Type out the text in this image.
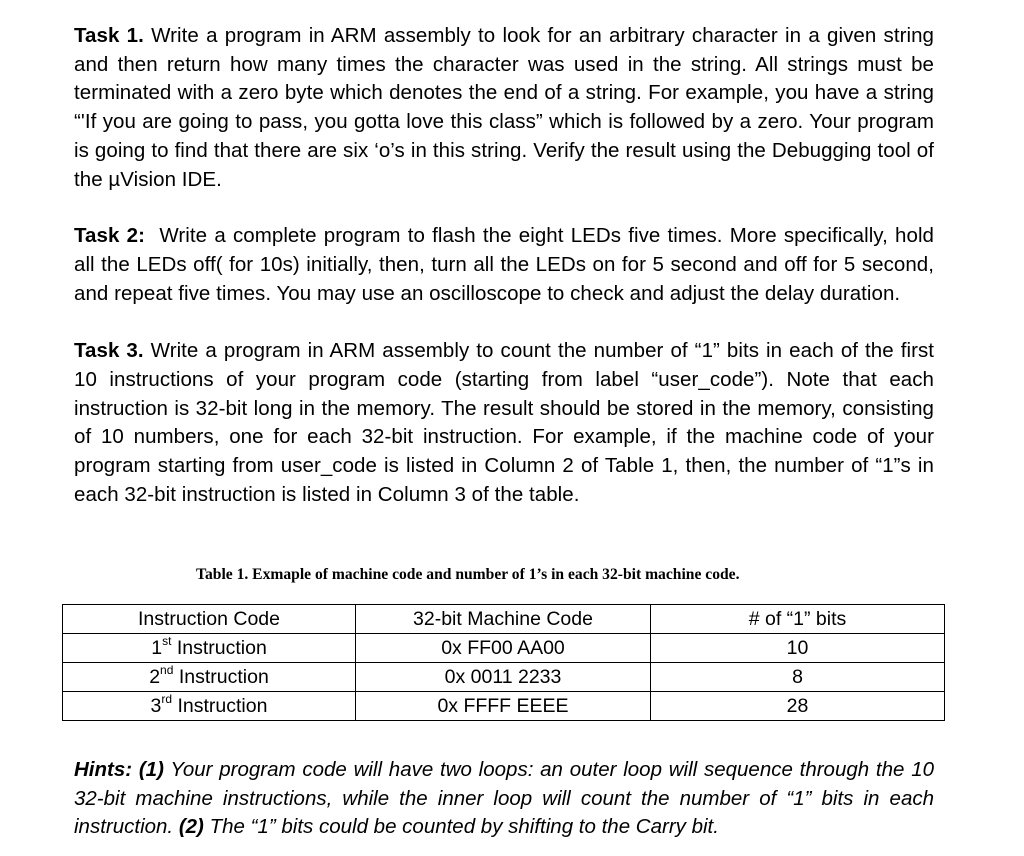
Task 1. Write a program in ARM assembly to look for an arbitrary character in a given string and then return how many times the character was used in the string. All strings must be terminated with a zero byte which denotes the end of a string. For example, you have a string “'If you are going to pass, you gotta love this class” which is followed by a zero. Your program is going to find that there are six ‘o’s in this string. Verify the result using the Debugging tool of the µVision IDE.

Task 2: Write a complete program to flash the eight LEDs five times. More specifically, hold all the LEDs off( for 10s) initially, then, turn all the LEDs on for 5 second and off for 5 second, and repeat five times. You may use an oscilloscope to check and adjust the delay duration.

Task 3. Write a program in ARM assembly to count the number of “1” bits in each of the first 10 instructions of your program code (starting from label “user_code”). Note that each instruction is 32-bit long in the memory. The result should be stored in the memory, consisting of 10 numbers, one for each 32-bit instruction. For example, if the machine code of your program starting from user_code is listed in Column 2 of Table 1, then, the number of “1”s in each 32-bit instruction is listed in Column 3 of the table.

Table 1. Exmaple of machine code and number of 1’s in each 32-bit machine code.
Instruction Code	32-bit Machine Code	# of “1” bits
1st Instruction	0x FF00 AA00	10
2nd Instruction	0x 0011 2233	8
3rd Instruction	0x FFFF EEEE	28

Hints: (1) Your program code will have two loops: an outer loop will sequence through the 10 32-bit machine instructions, while the inner loop will count the number of “1” bits in each instruction. (2) The “1” bits could be counted by shifting to the Carry bit.
